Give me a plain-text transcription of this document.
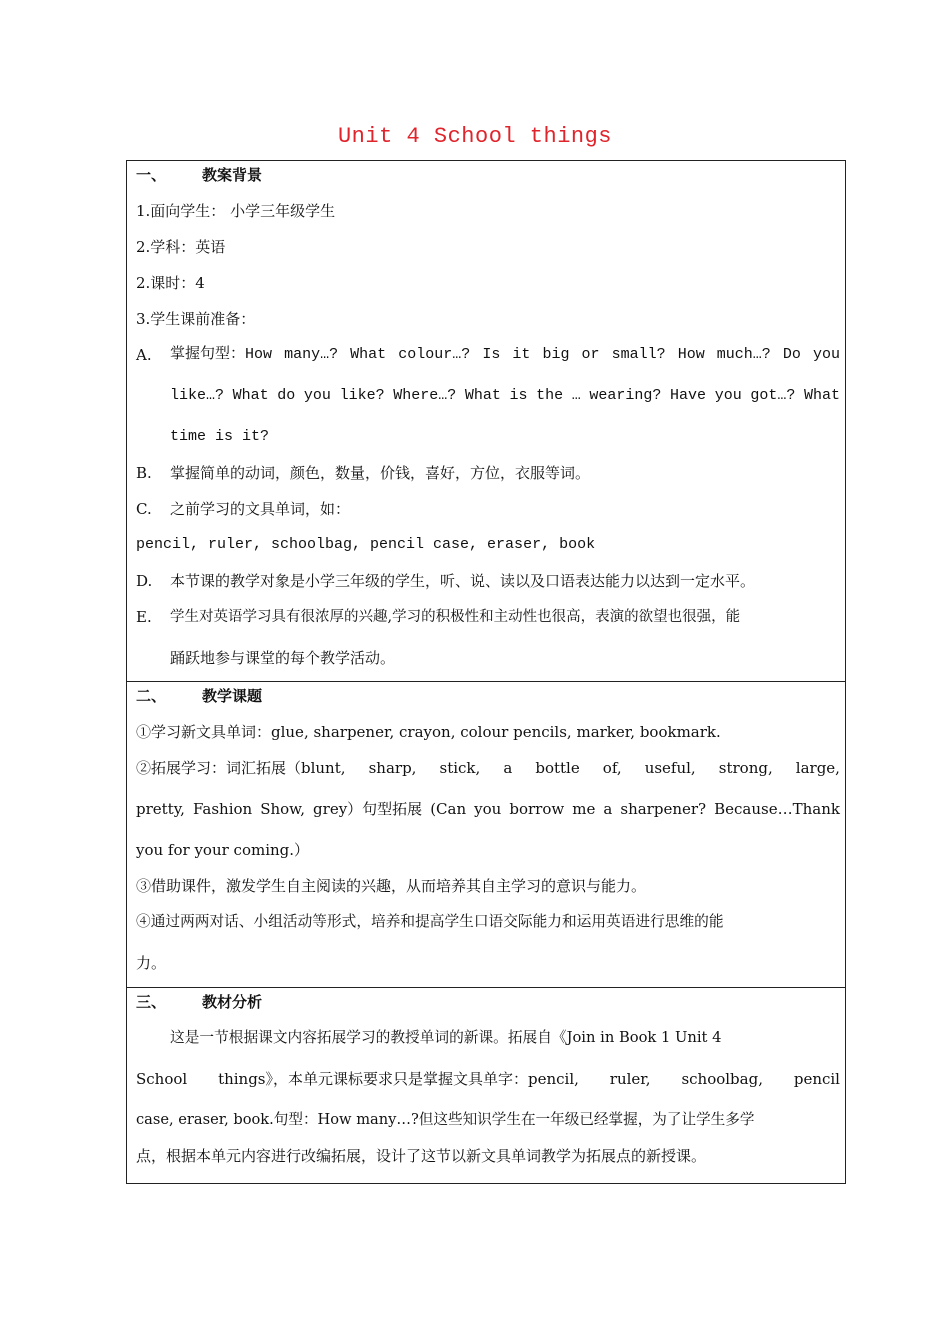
Unit 4 School things
一、 教案背景
1.面向学生： 小学三年级学生
2.学科：英语
2.课时：4
3.学生课前准备：
A. 掌握句型：How many…? What colour…? Is it big or small? How much…? Do you
like…? What do you like? Where…? What is the … wearing? Have you got…? What
time is it?
B. 掌握简单的动词，颜色，数量，价钱，喜好，方位，衣服等词。
C. 之前学习的文具单词，如：
pencil, ruler, schoolbag, pencil case, eraser, book
D. 本节课的教学对象是小学三年级的学生，听、说、读以及口语表达能力以达到一定水平。
E. 学生对英语学习具有很浓厚的兴趣,学习的积极性和主动性也很高，表演的欲望也很强，能
踊跃地参与课堂的每个教学活动。
二、 教学课题
①学习新文具单词：glue, sharpener, crayon, colour pencils, marker, bookmark.
②拓展学习：词汇拓展（blunt, sharp, stick, a bottle of, useful, strong, large,
pretty, Fashion Show, grey）句型拓展 (Can you borrow me a sharpener? Because…Thank
you for your coming.）
③借助课件，激发学生自主阅读的兴趣，从而培养其自主学习的意识与能力。
④通过两两对话、小组活动等形式，培养和提高学生口语交际能力和运用英语进行思维的能
力。
三、 教材分析
这是一节根据课文内容拓展学习的教授单词的新课。拓展自《Join in Book 1 Unit 4
School things》，本单元课标要求只是掌握文具单字：pencil, ruler, schoolbag, pencil
case, eraser, book.句型：How many…?但这些知识学生在一年级已经掌握，为了让学生多学
点，根据本单元内容进行改编拓展，设计了这节以新文具单词教学为拓展点的新授课。
